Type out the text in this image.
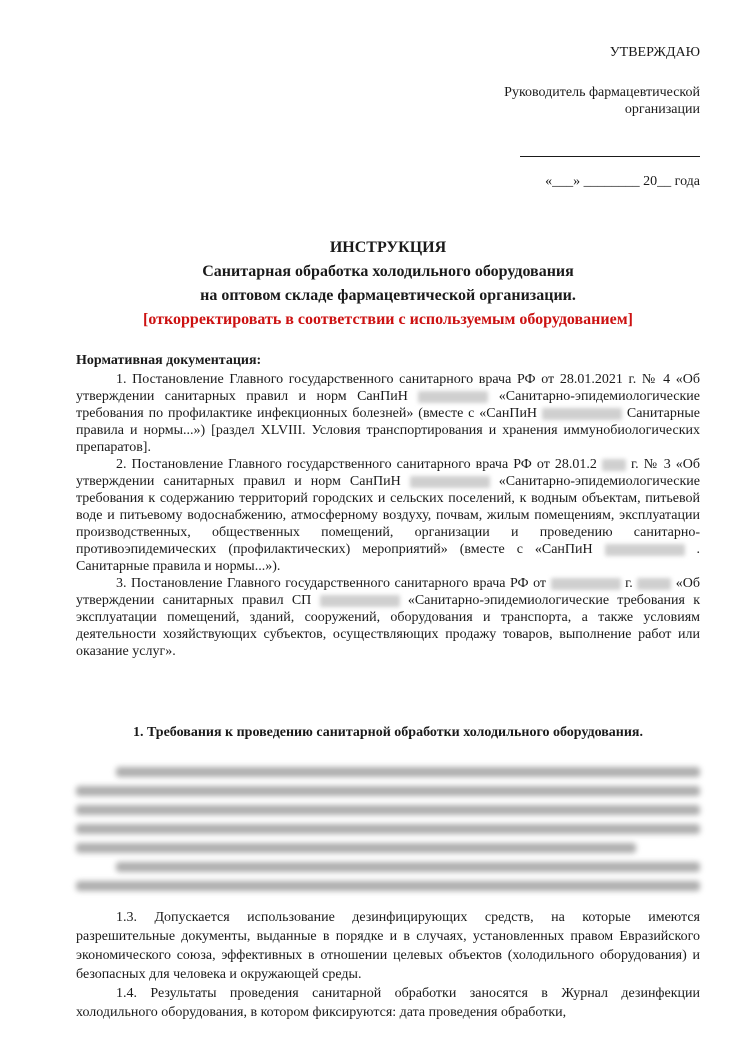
УТВЕРЖДАЮ
Руководитель фармацевтической
организации
«___» ________ 20__ года
ИНСТРУКЦИЯ
Санитарная обработка холодильного оборудования
на оптовом складе фармацевтической организации.
[откорректировать в соответствии с используемым оборудованием]

Нормативная документация:

1. Постановление Главного государственного санитарного врача РФ от 28.01.2021 г. № 4 «Об утверждении санитарных правил и норм СанПиН	«Санитарно-эпидемиологические требования по профилактике инфекционных болезней» (вместе с «СанПиН	Санитарные правила и нормы...») [раздел XLVIII. Условия транспортирования и хранения иммунобиологических препаратов].

2. Постановление Главного государственного санитарного врача РФ от 28.01.2 г. № 3 «Об утверждении санитарных правил и норм СанПиН	«Санитарно-эпидемиологические требования к содержанию территорий городских и сельских поселений, к водным объектам, питьевой воде и питьевому водоснабжению, атмосферному воздуху, почвам, жилым помещениям, эксплуатации производственных, общественных помещений, организации и проведению санитарно-противоэпидемических (профилактических) мероприятий» (вместе с «СанПиН	. Санитарные правила и нормы...»).

3. Постановление Главного государственного санитарного врача РФ от	г.	«Об утверждении санитарных правил СП	«Санитарно-эпидемиологические требования к эксплуатации помещений, зданий, сооружений, оборудования и транспорта, а также условиям деятельности хозяйствующих субъектов, осуществляющих продажу товаров, выполнение работ или оказание услуг».

1. Требования к проведению санитарной обработки холодильного оборудования.

1.3. Допускается использование дезинфицирующих средств, на которые имеются разрешительные документы, выданные в порядке и в случаях, установленных правом Евразийского экономического союза, эффективных в отношении целевых объектов (холодильного оборудования) и безопасных для человека и окружающей среды.

1.4. Результаты проведения санитарной обработки заносятся в Журнал дезинфекции холодильного оборудования, в котором фиксируются: дата проведения обработки,
